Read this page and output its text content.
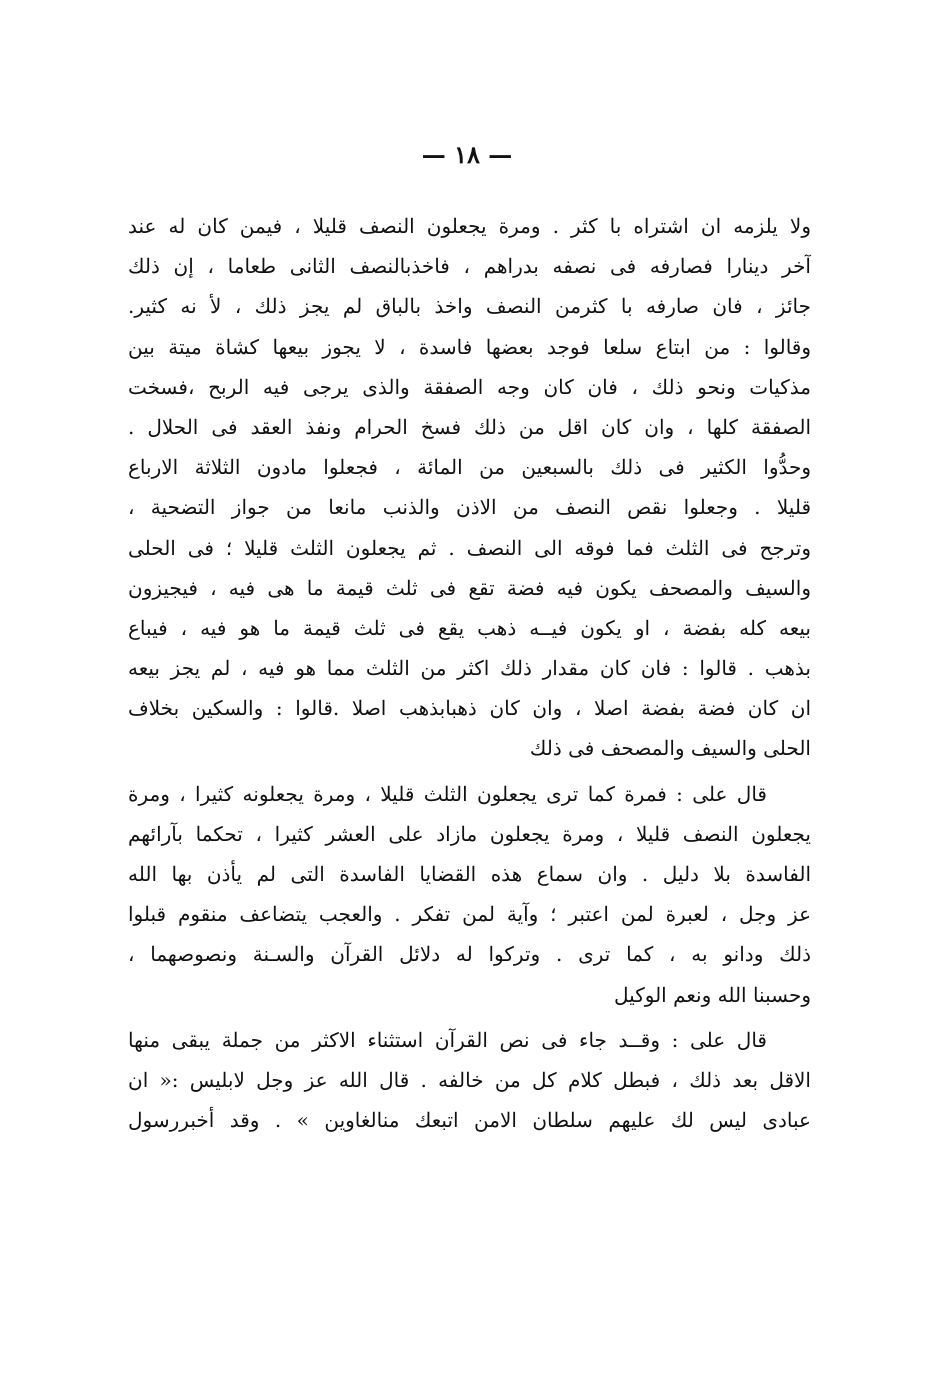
— ١٨ —
ولا يلزمه ان اشتراه با كثر . ومرة يجعلون النصف قليلا ، فيمن كان له عند
آخر دينارا فصارفه فى نصفه بدراهم ، فاخذبالنصف الثانى طعاما ، إن ذلك
جائز ، فان صارفه با كثرمن النصف واخذ بالباق لم يجز ذلك ، لأ نه كثير.
وقالوا : من ابتاع سلعا فوجد بعضها فاسدة ، لا يجوز بيعها كشاة ميتة بين
مذكيات ونحو ذلك ، فان كان وجه الصفقة والذى يرجى فيه الربح ،فسخت
الصفقة كلها ، وان كان اقل من ذلك فسخ الحرام ونفذ العقد فى الحلال .
وحدُّوا الكثير فى ذلك بالسبعين من المائة ، فجعلوا مادون الثلاثة الارباع
قليلا . وجعلوا نقص النصف من الاذن والذنب مانعا من جواز التضحية ،
وترجح فى الثلث فما فوقه الى النصف . ثم يجعلون الثلث قليلا ؛ فى الحلى
والسيف والمصحف يكون فيه فضة تقع فى ثلث قيمة ما هى فيه ، فيجيزون
بيعه كله بفضة ، او يكون فيــه ذهب يقع فى ثلث قيمة ما هو فيه ، فيباع
بذهب . قالوا : فان كان مقدار ذلك اكثر من الثلث مما هو فيه ، لم يجز بيعه
ان كان فضة بفضة اصلا ، وان كان ذهبابذهب اصلا .قالوا : والسكين بخلاف
الحلى والسيف والمصحف فى ذلك
قال على : فمرة كما ترى يجعلون الثلث قليلا ، ومرة يجعلونه كثيرا ، ومرة
يجعلون النصف قليلا ، ومرة يجعلون مازاد على العشر كثيرا ، تحكما بآرائهم
الفاسدة بلا دليل . وان سماع هذه القضايا الفاسدة التى لم يأذن بها الله
عز وجل ، لعبرة لمن اعتبر ؛ وآية لمن تفكر . والعجب يتضاعف منقوم قبلوا
ذلك ودانو به ، كما ترى . وتركوا له دلائل القرآن والسـنة ونصوصهما ،
وحسبنا الله ونعم الوكيل
قال على : وقــد جاء فى نص القرآن استثناء الاكثر من جملة يبقى منها
الاقل بعد ذلك ، فبطل كلام كل من خالفه . قال الله عز وجل لابليس :« ان
عبادى ليس لك عليهم سلطان الامن اتبعك منالغاوين » . وقد أخبررسول
